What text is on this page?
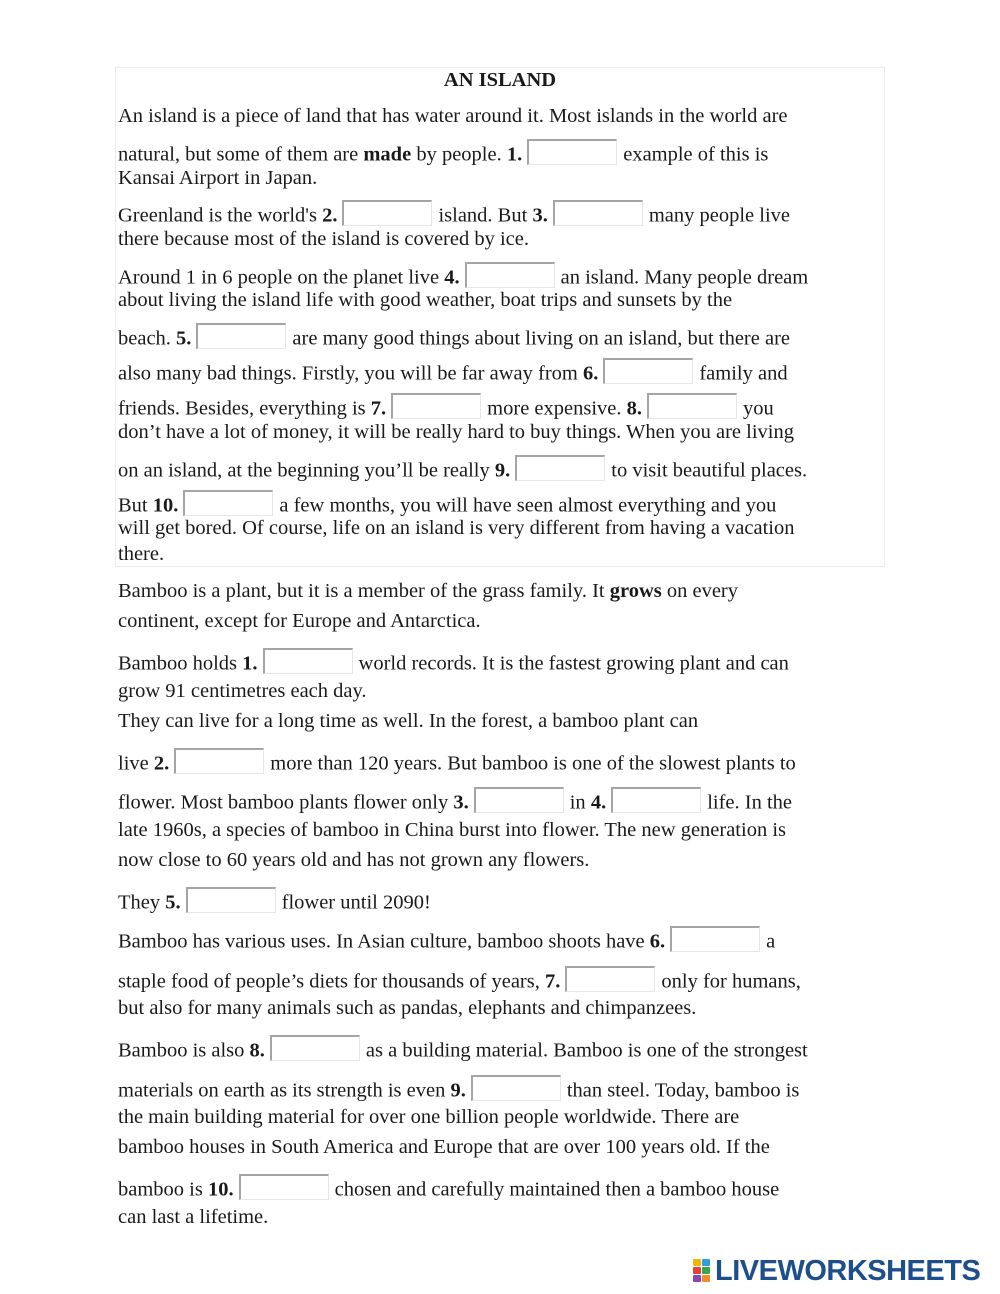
AN ISLAND
An island is a piece of land that has water around it. Most islands in the world are
natural, but some of them are made by people. 1.	example of this is
Kansai Airport in Japan.
Greenland is the world's 2.	island. But 3.	many people live
there because most of the island is covered by ice.
Around 1 in 6 people on the planet live 4.	an island. Many people dream
about living the island life with good weather, boat trips and sunsets by the
beach. 5.	are many good things about living on an island, but there are
also many bad things. Firstly, you will be far away from 6.	family and
friends. Besides, everything is 7.	more expensive. 8.	you
don’t have a lot of money, it will be really hard to buy things. When you are living
on an island, at the beginning you’ll be really 9.	to visit beautiful places.
But 10.	a few months, you will have seen almost everything and you
will get bored. Of course, life on an island is very different from having a vacation
there.
Bamboo is a plant, but it is a member of the grass family. It grows on every
continent, except for Europe and Antarctica.
Bamboo holds 1.	world records. It is the fastest growing plant and can
grow 91 centimetres each day.
They can live for a long time as well. In the forest, a bamboo plant can
live 2.	more than 120 years. But bamboo is one of the slowest plants to
flower. Most bamboo plants flower only 3.	in 4.	life. In the
late 1960s, a species of bamboo in China burst into flower. The new generation is
now close to 60 years old and has not grown any flowers.
They 5.	flower until 2090!
Bamboo has various uses. In Asian culture, bamboo shoots have 6.	a
staple food of people’s diets for thousands of years, 7.	only for humans,
but also for many animals such as pandas, elephants and chimpanzees.
Bamboo is also 8.	as a building material. Bamboo is one of the strongest
materials on earth as its strength is even 9.	than steel. Today, bamboo is
the main building material for over one billion people worldwide. There are
bamboo houses in South America and Europe that are over 100 years old. If the
bamboo is 10.	chosen and carefully maintained then a bamboo house
can last a lifetime.
LIVEWORKSHEETS
